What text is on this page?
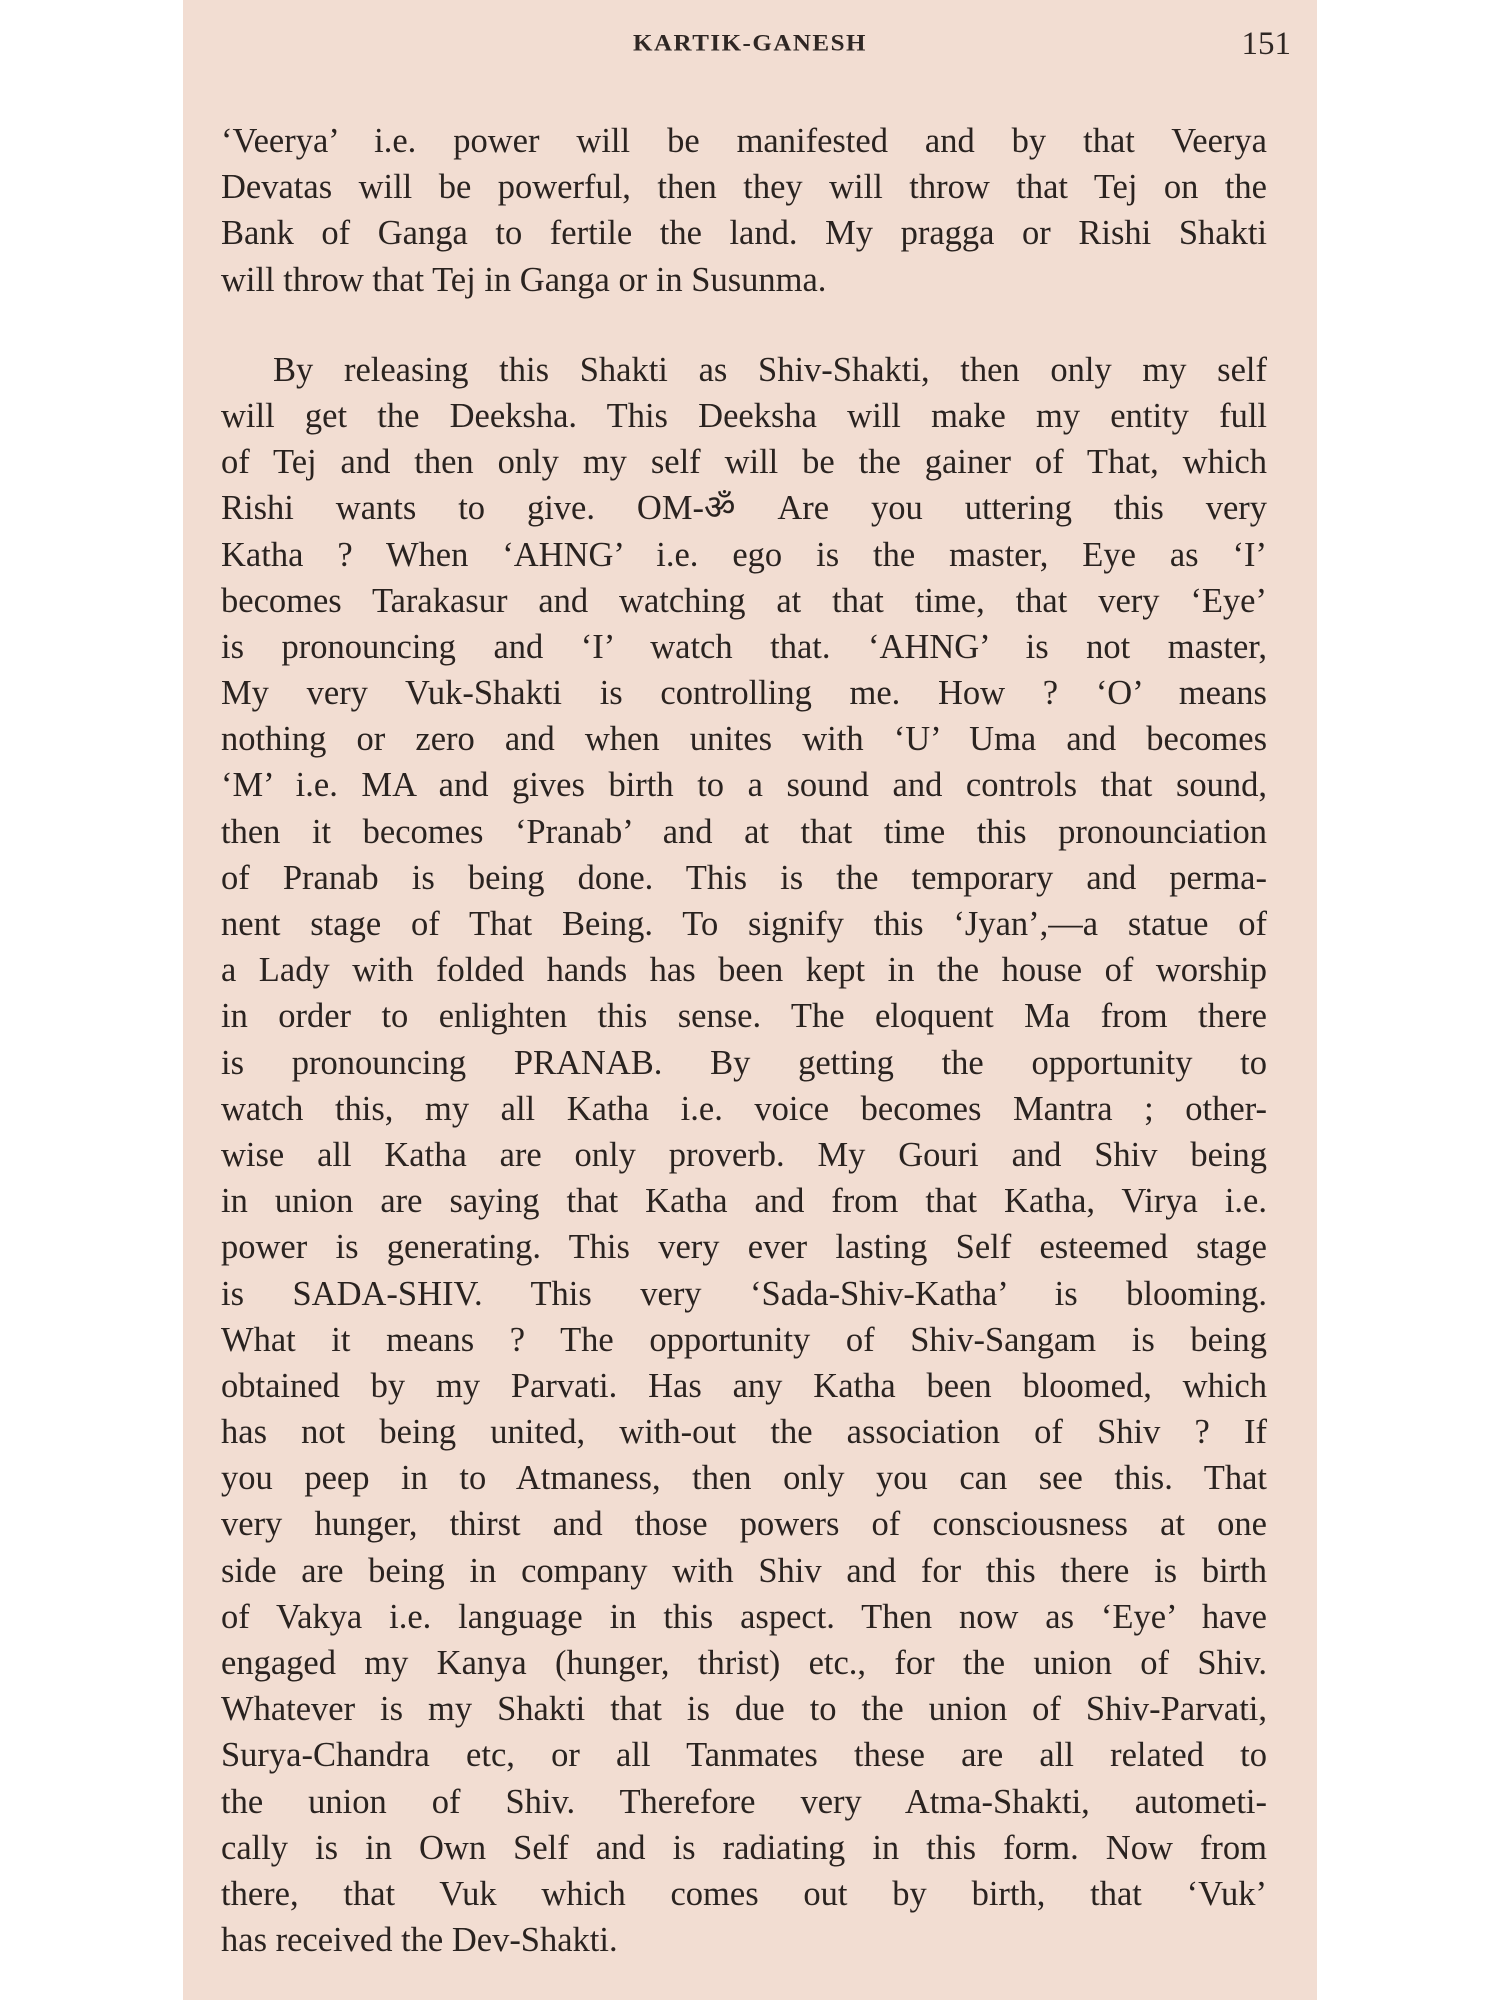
KARTIK-GANESH	151
‘Veerya’ i.e. power will be manifested and by that Veerya
Devatas will be powerful, then they will throw that Tej on the
Bank of Ganga to fertile the land. My pragga or Rishi Shakti
will throw that Tej in Ganga or in Susunma.
By releasing this Shakti as Shiv-Shakti, then only my self
will get the Deeksha. This Deeksha will make my entity full
of Tej and then only my self will be the gainer of That, which
Rishi wants to give. OM-ॐ Are you uttering this very
Katha ? When ‘AHNG’ i.e. ego is the master, Eye as ‘I’
becomes Tarakasur and watching at that time, that very ‘Eye’
is pronouncing and ‘I’ watch that. ‘AHNG’ is not master,
My very Vuk-Shakti is controlling me. How ? ‘O’ means
nothing or zero and when unites with ‘U’ Uma and becomes
‘M’ i.e. MA and gives birth to a sound and controls that sound,
then it becomes ‘Pranab’ and at that time this pronounciation
of Pranab is being done. This is the temporary and perma-
nent stage of That Being. To signify this ‘Jyan’,—a statue of
a Lady with folded hands has been kept in the house of worship
in order to enlighten this sense. The eloquent Ma from there
is pronouncing PRANAB. By getting the opportunity to
watch this, my all Katha i.e. voice becomes Mantra ; other-
wise all Katha are only proverb. My Gouri and Shiv being
in union are saying that Katha and from that Katha, Virya i.e.
power is generating. This very ever lasting Self esteemed stage
is SADA-SHIV. This very ‘Sada-Shiv-Katha’ is blooming.
What it means ? The opportunity of Shiv-Sangam is being
obtained by my Parvati. Has any Katha been bloomed, which
has not being united, with-out the association of Shiv ? If
you peep in to Atmaness, then only you can see this. That
very hunger, thirst and those powers of consciousness at one
side are being in company with Shiv and for this there is birth
of Vakya i.e. language in this aspect. Then now as ‘Eye’ have
engaged my Kanya (hunger, thrist) etc., for the union of Shiv.
Whatever is my Shakti that is due to the union of Shiv-Parvati,
Surya-Chandra etc, or all Tanmates these are all related to
the union of Shiv. Therefore very Atma-Shakti, autometi-
cally is in Own Self and is radiating in this form. Now from
there, that Vuk which comes out by birth, that ‘Vuk’
has received the Dev-Shakti.
